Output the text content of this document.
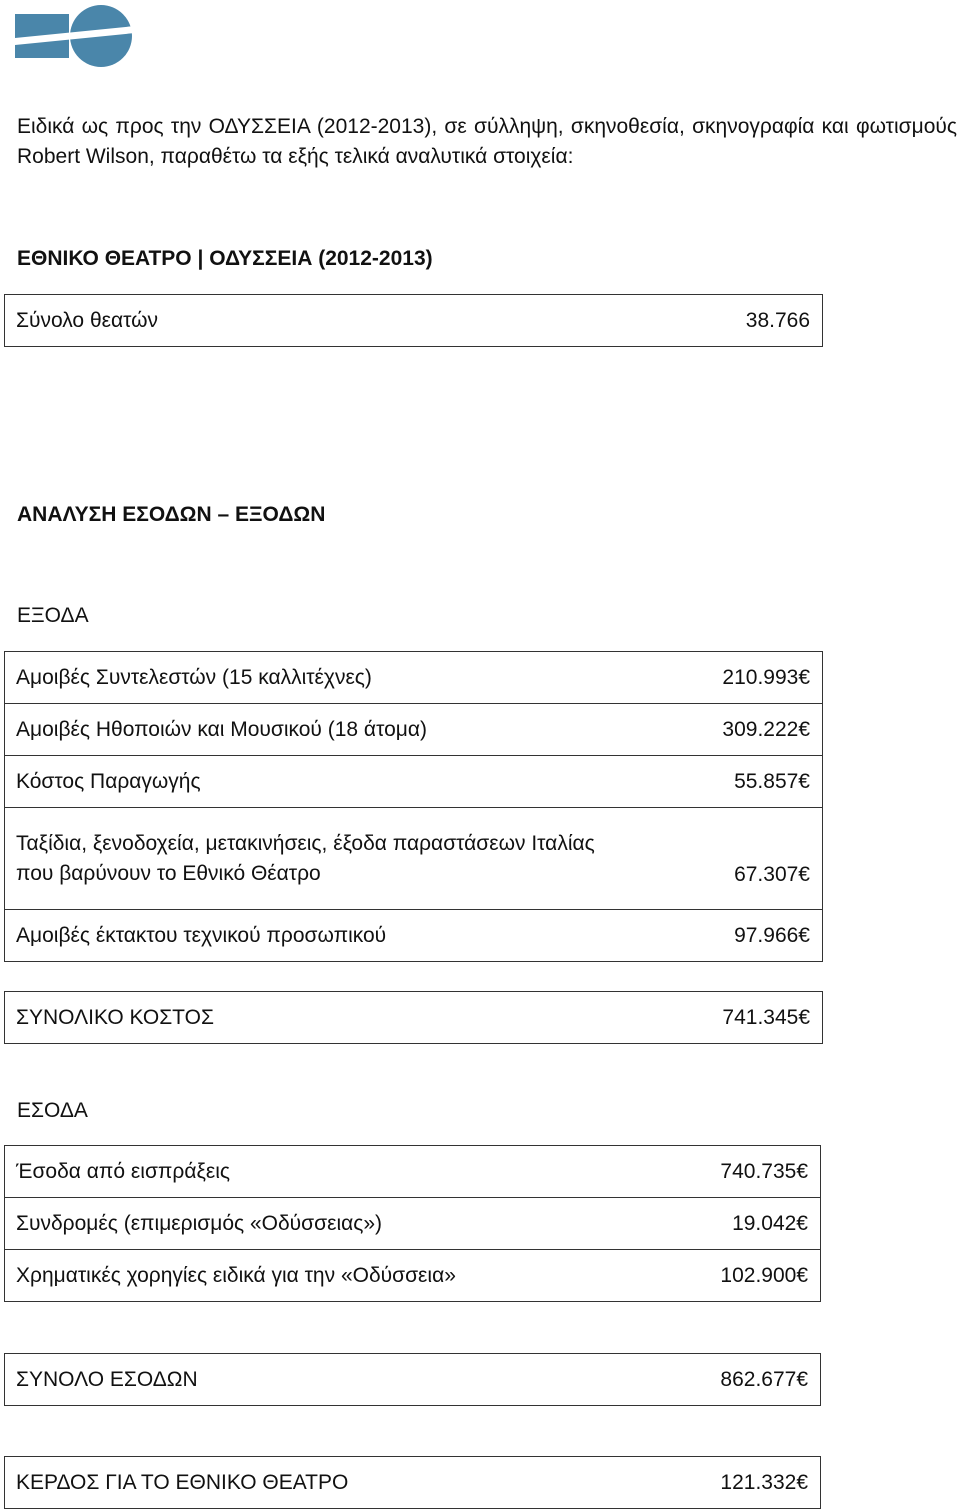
Ειδικά ως προς την ΟΔΥΣΣΕΙΑ (2012-2013), σε σύλληψη, σκηνοθεσία, σκηνογραφία και φωτισμούς Robert Wilson, παραθέτω τα εξής τελικά αναλυτικά στοιχεία:
ΕΘΝΙΚΟ ΘΕΑΤΡΟ | ΟΔΥΣΣΕΙΑ (2012-2013)
Σύνολο θεατών	38.766
ΑΝΑΛΥΣΗ ΕΣΟΔΩΝ – ΕΞΟΔΩΝ
ΕΞΟΔΑ
Αμοιβές Συντελεστών (15 καλλιτέχνες)	210.993€
Αμοιβές Ηθοποιών και Μουσικού (18 άτομα)	309.222€
Κόστος Παραγωγής	55.857€

Ταξίδια, ξενοδοχεία, μετακινήσεις, έξοδα παραστάσεων Ιταλίας
που βαρύνουν το Εθνικό Θέατρο	67.307€
Αμοιβές έκτακτου τεχνικού προσωπικού	97.966€
ΣΥΝΟΛΙΚΟ ΚΟΣΤΟΣ	741.345€
ΕΣΟΔΑ
Έσοδα από εισπράξεις	740.735€
Συνδρομές (επιμερισμός «Οδύσσειας»)	19.042€
Χρηματικές χορηγίες ειδικά για την «Οδύσσεια»	102.900€
ΣΥΝΟΛΟ ΕΣΟΔΩΝ	862.677€
ΚΕΡΔΟΣ ΓΙΑ ΤΟ ΕΘΝΙΚΟ ΘΕΑΤΡΟ	121.332€
